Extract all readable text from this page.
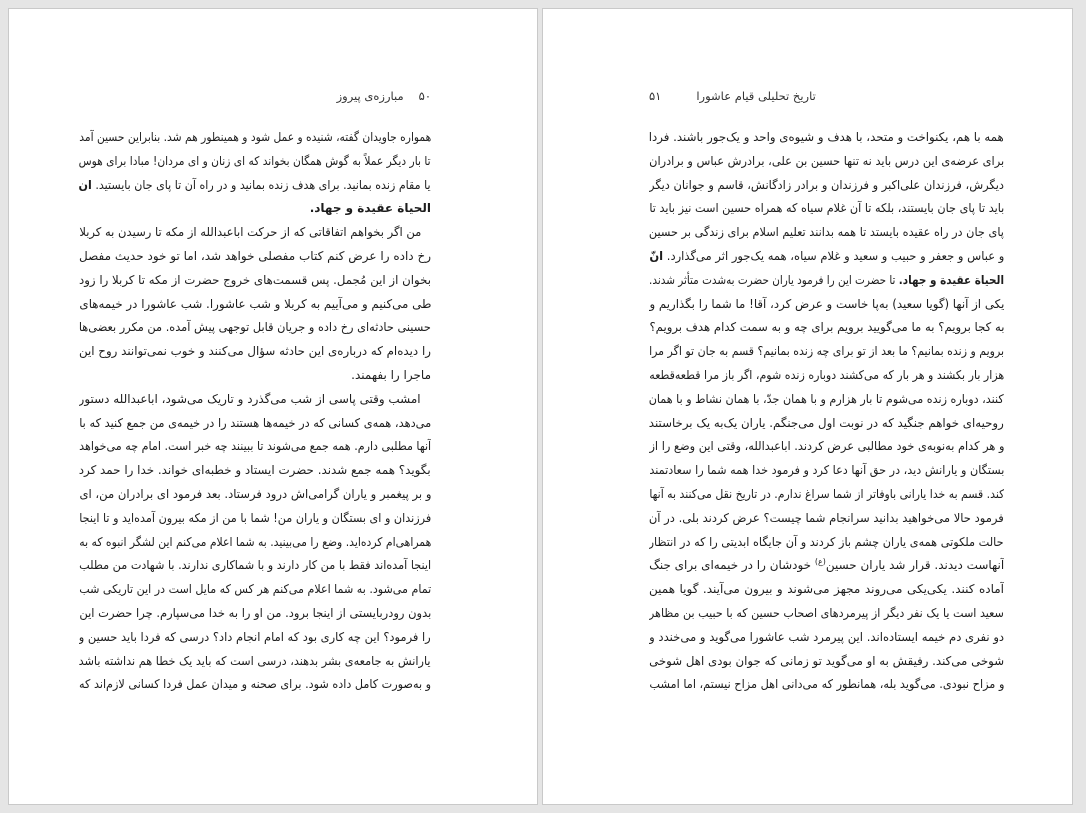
۵۰
مبارزه‌ی پیروز
همواره جاویدان گفته، شنیده و عمل شود و همینطور هم شد. بنابراین حسین آمد
تا بار دیگر عملاً به گوش همگان بخواند که ای زنان و ای مردان! مبادا برای هوس
یا مقام زنده بمانید. برای هدف زنده بمانید و در راه آن تا پای جان بایستید. ان
الحیاة عقیدة و جهاد.
من اگر بخواهم اتفاقاتی که از حرکت اباعبدالله از مکه تا رسیدن به کربلا
رخ داده را عرض کنم کتاب مفصلی خواهد شد، اما تو خود حدیث مفصل
بخوان از این مُجمل. پس قسمت‌های خروج حضرت از مکه تا کربلا را زود
طی می‌کنیم و می‌آییم به کربلا و شب عاشورا. شب عاشورا در خیمه‌های
حسینی حادثه‌ای رخ داده و جریان قابل توجهی پیش آمده. من مکرر بعضی‌ها
را دیده‌ام که درباره‌ی این حادثه سؤال می‌کنند و خوب نمی‌توانند روح این
ماجرا را بفهمند.
امشب وقتی پاسی از شب می‌گذرد و تاریک می‌شود، اباعبدالله دستور
می‌دهد، همه‌ی کسانی که در خیمه‌ها هستند را در خیمه‌ی من جمع کنید که با
آنها مطلبی دارم. همه جمع می‌شوند تا ببینند چه خبر است. امام چه می‌خواهد
بگوید؟ همه جمع شدند. حضرت ایستاد و خطبه‌ای خواند. خدا را حمد کرد
و بر پیغمبر و یاران گرامی‌اش درود فرستاد. بعد فرمود ای برادران من، ای
فرزندان و ای بستگان و یاران من! شما با من از مکه بیرون آمده‌اید و تا اینجا
همراهی‌ام کرده‌اید. وضع را می‌بینید. به شما اعلام می‌کنم این لشگر انبوه که به
اینجا آمده‌اند فقط با من کار دارند و با شماکاری ندارند. با شهادت من مطلب
تمام می‌شود. به شما اعلام می‌کنم هر کس که مایل است در این تاریکی شب
بدون رودربایستی از اینجا برود. من او را به خدا می‌سپارم. چرا حضرت این
را فرمود؟ این چه کاری بود که امام انجام داد؟ درسی که فردا باید حسین و
یارانش به جامعه‌ی بشر بدهند، درسی است که باید یک خطا هم نداشته باشد
و به‌صورت کامل داده شود. برای صحنه و میدان عمل فردا کسانی لازم‌اند که
تاریخ تحلیلی قیام عاشورا
۵۱
همه با هم، یکنواخت و متحد، با هدف و شیوه‌ی واحد و یک‌جور باشند. فردا
برای عرضه‌ی این درس باید نه تنها حسین بن علی، برادرش عباس و برادران
دیگرش، فرزندان علی‌اکبر و فرزندان و برادر زادگانش، قاسم و جوانان دیگر
باید تا پای جان بایستند، بلکه تا آن غلام سیاه که همراه حسین است نیز باید تا
پای جان در راه عقیده بایستد تا همه بدانند تعلیم اسلام برای زندگی بر حسین
و عباس و جعفر و حبیب و سعید و غلام سیاه، همه یک‌جور اثر می‌گذارد. انّ
الحیاة عقیدة و جهاد. تا حضرت این را فرمود یاران حضرت به‌شدت متأثر شدند.
یکی از آنها (گویا سعید) به‌پا خاست و عرض کرد، آقا! ما شما را بگذاریم و
به کجا برویم؟ به ما می‌گویید برویم برای چه و به سمت کدام هدف برویم؟
برویم و زنده بمانیم؟ ما بعد از تو برای چه زنده بمانیم؟ قسم به جان تو اگر مرا
هزار بار بکشند و هر بار که می‌کشند دوباره زنده شوم، اگر باز مرا قطعه‌قطعه
کنند، دوباره زنده می‌شوم تا بار هزارم و با همان جدّ، با همان نشاط و با همان
روحیه‌ای خواهم جنگید که در نوبت اول می‌جنگم. یاران یک‌به یک برخاستند
و هر کدام به‌نوبه‌ی خود مطالبی عرض کردند. اباعبدالله، وقتی این وضع را از
بستگان و یارانش دید، در حق آنها دعا کرد و فرمود خدا همه شما را سعادتمند
کند. قسم به خدا یارانی باوفاتر از شما سراغ ندارم. در تاریخ نقل می‌کنند به آنها
فرمود حالا می‌خواهید بدانید سرانجام شما چیست؟ عرض کردند بلی. در آن
حالت ملکوتی همه‌ی یاران چشم باز کردند و آن جایگاه ابدیتی را که در انتظار
آنهاست دیدند. قرار شد یاران حسین$^{(ع)}$ خودشان را در خیمه‌ای برای جنگ
آماده کنند. یکی‌یکی می‌روند مجهز می‌شوند و بیرون می‌آیند. گویا همین
سعید است یا یک نفر دیگر از پیرمردهای اصحاب حسین که با حبیب بن مظاهر
دو نفری دم خیمه ایستاده‌اند. این پیرمرد شب عاشورا می‌گوید و می‌خندد و
شوخی می‌کند. رفیقش به او می‌گوید تو زمانی که جوان بودی اهل شوخی
و مزاح نبودی. می‌گوید بله، همانطور که می‌دانی اهل مزاح نیستم، اما امشب
